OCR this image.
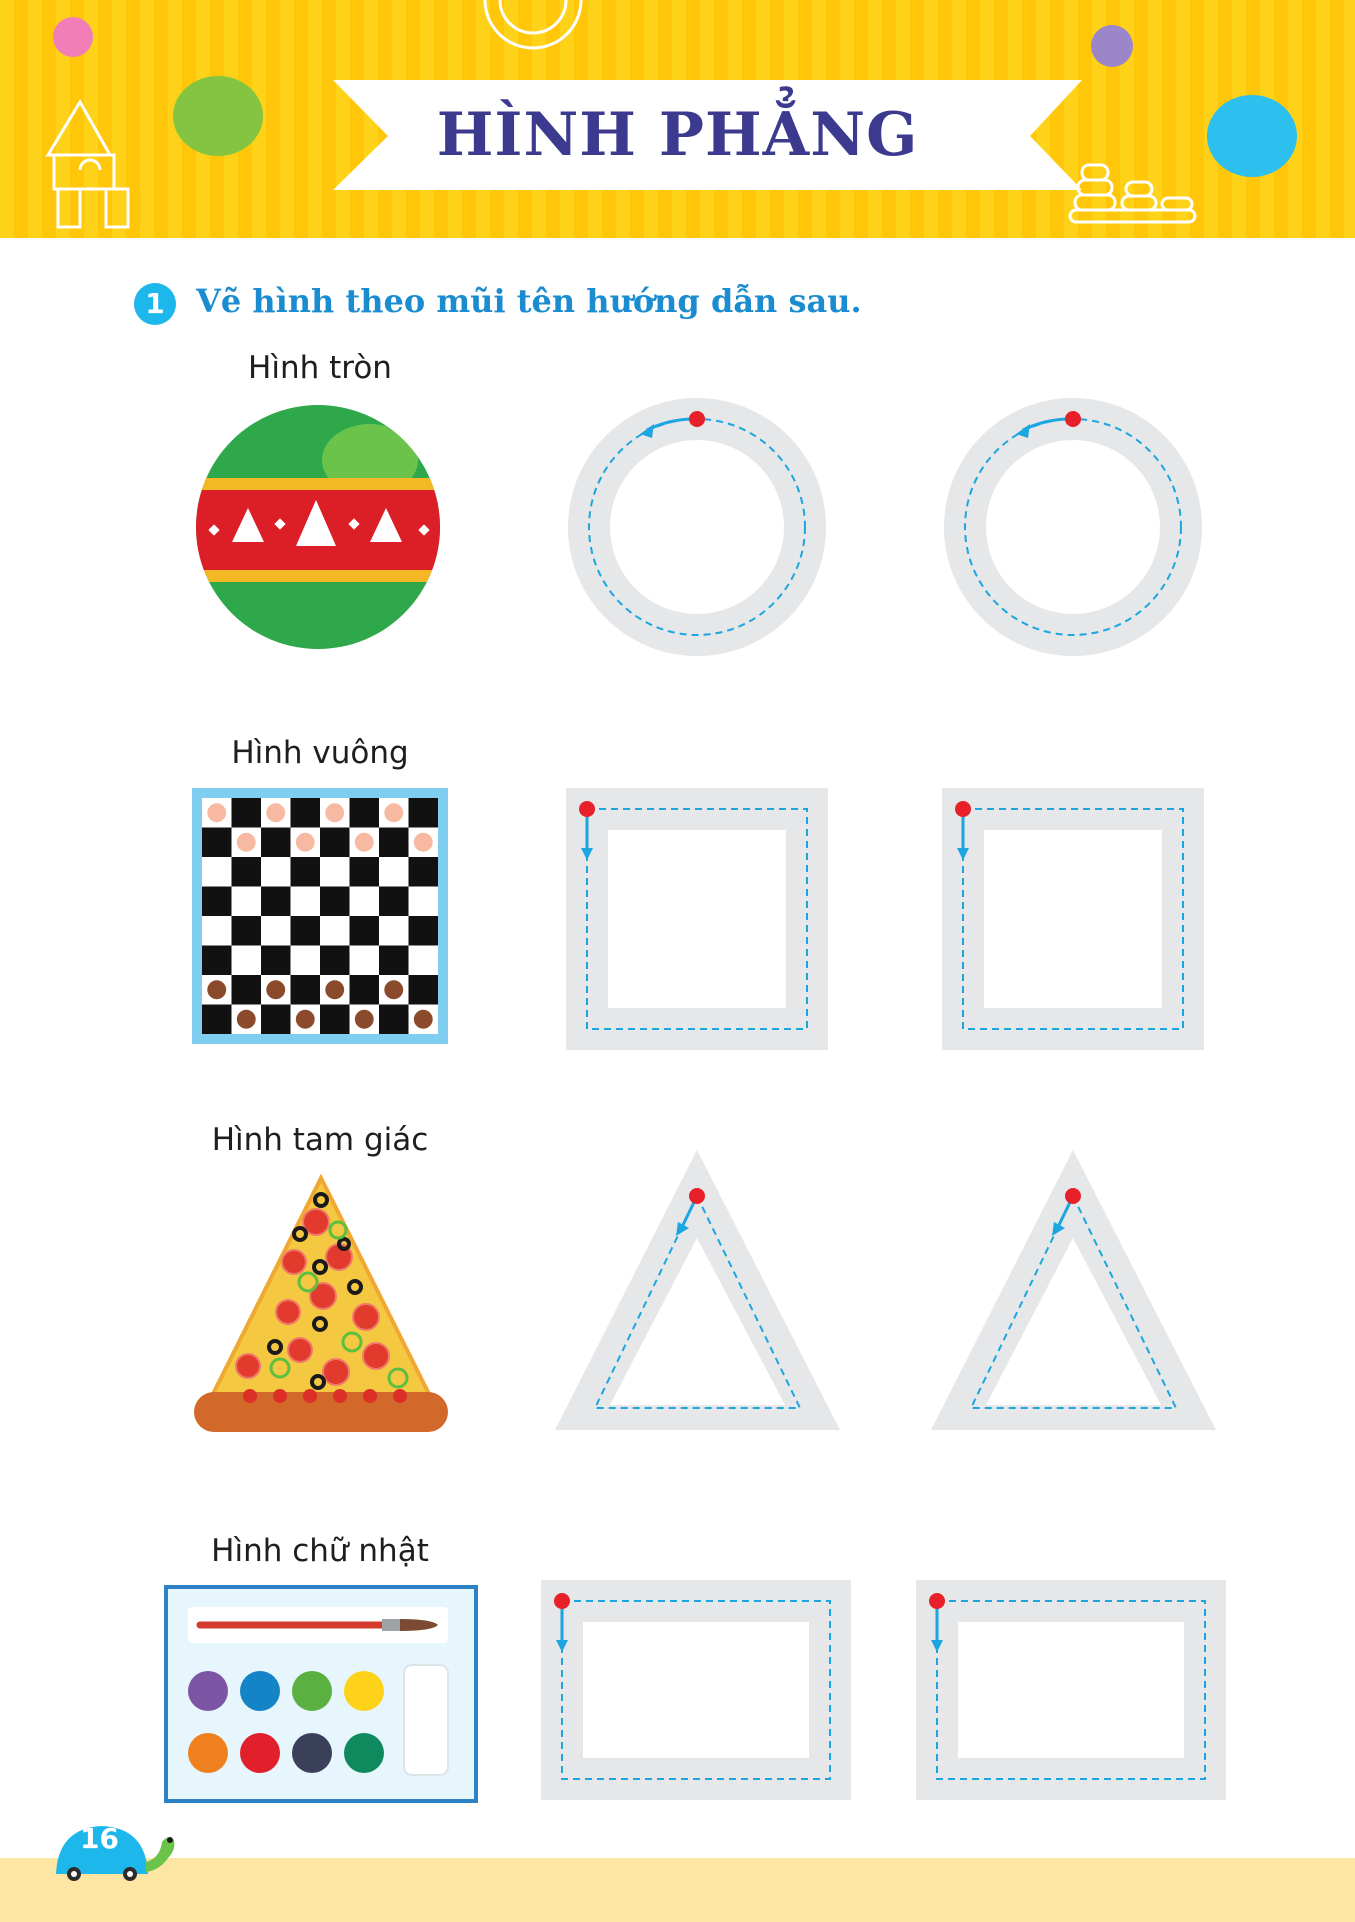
HÌNH PHẲNG
1 Vẽ hình theo mũi tên hướng dẫn sau.
Hình tròn
Hình vuông
Hình tam giác
Hình chữ nhật
16
